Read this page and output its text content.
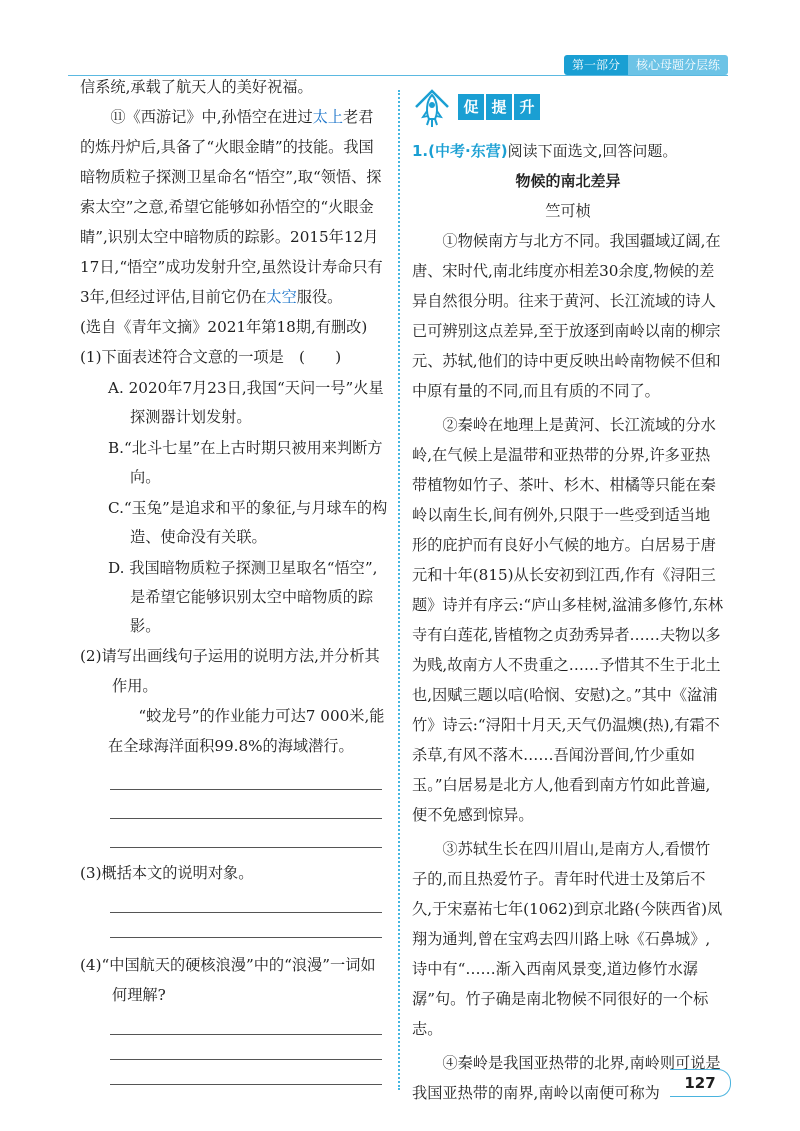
第一部分	核心母题分层练

信系统,承载了航天人的美好祝福。

⑪《西游记》中,孙悟空在进过太上老君的炼丹炉后,具备了“火眼金睛”的技能。我国暗物质粒子探测卫星命名“悟空”,取“领悟、探索太空”之意,希望它能够如孙悟空的“火眼金睛”,识别太空中暗物质的踪影。2015年12月17日,“悟空”成功发射升空,虽然设计寿命只有3年,但经过评估,目前它仍在太空服役。

(选自《青年文摘》2021年第18期,有删改)

(1)下面表述符合文意的一项是　(　　)

A. 2020年7月23日,我国“天问一号”火星探测器计划发射。

B.“北斗七星”在上古时期只被用来判断方向。

C.“玉兔”是追求和平的象征,与月球车的构造、使命没有关联。

D. 我国暗物质粒子探测卫星取名“悟空”,是希望它能够识别太空中暗物质的踪影。

(2)请写出画线句子运用的说明方法,并分析其作用。

“蛟龙号”的作业能力可达7 000米,能在全球海洋面积99.8%的海域潜行。

(3)概括本文的说明对象。

(4)“中国航天的硬核浪漫”中的“浪漫”一词如何理解?

促 提 升

1.(中考·东营)阅读下面选文,回答问题。

物候的南北差异

竺可桢

①物候南方与北方不同。我国疆域辽阔,在唐、宋时代,南北纬度亦相差30余度,物候的差异自然很分明。往来于黄河、长江流域的诗人已可辨别这点差异,至于放逐到南岭以南的柳宗元、苏轼,他们的诗中更反映出岭南物候不但和中原有量的不同,而且有质的不同了。

②秦岭在地理上是黄河、长江流域的分水岭,在气候上是温带和亚热带的分界,许多亚热带植物如竹子、茶叶、杉木、柑橘等只能在秦岭以南生长,间有例外,只限于一些受到适当地形的庇护而有良好小气候的地方。白居易于唐元和十年(815)从长安初到江西,作有《浔阳三题》诗并有序云:“庐山多桂树,湓浦多修竹,东林寺有白莲花,皆植物之贞劲秀异者……夫物以多为贱,故南方人不贵重之……予惜其不生于北土也,因赋三题以唁(哈悯、安慰)之。”其中《湓浦竹》诗云:“浔阳十月天,天气仍温燠(热),有霜不杀草,有风不落木……吾闻汾晋间,竹少重如玉。”白居易是北方人,他看到南方竹如此普遍,便不免感到惊异。

③苏轼生长在四川眉山,是南方人,看惯竹子的,而且热爱竹子。青年时代进士及第后不久,于宋嘉祐七年(1062)到京北路(今陕西省)凤翔为通判,曾在宝鸡去四川路上咏《石鼻城》,诗中有“……渐入西南风景变,道边修竹水潺潺”句。竹子确是南北物候不同很好的一个标志。

④秦岭是我国亚热带的北界,南岭则可说是我国亚热带的南界,南岭以南便可称为

127
